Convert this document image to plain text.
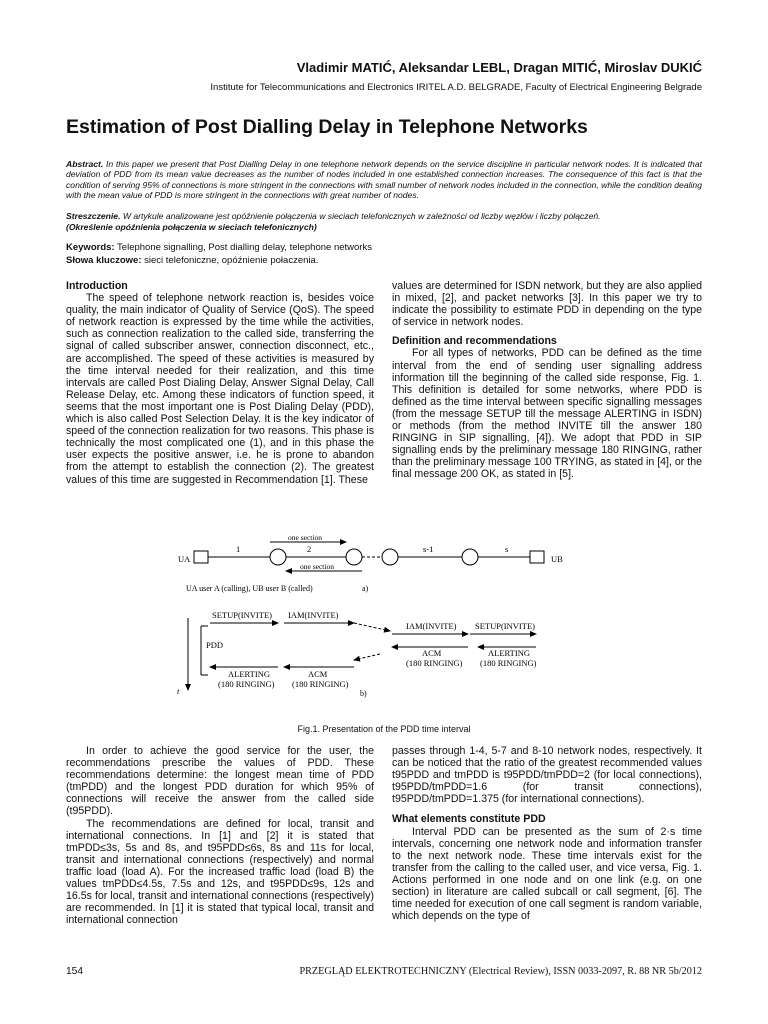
Vladimir MATIĆ, Aleksandar LEBL, Dragan MITIĆ, Miroslav DUKIĆ
Institute for Telecommunications and Electronics IRITEL A.D. BELGRADE, Faculty of Electrical Engineering Belgrade
Estimation of Post Dialling Delay in Telephone Networks
Abstract. In this paper we present that Post Dialling Delay in one telephone network depends on the service discipline in particular network nodes. It is indicated that deviation of PDD from its mean value decreases as the number of nodes included in one established connection increases. The consequence of this fact is that the condition of serving 95% of connections is more stringent in the connections with small number of network nodes included in the connection, while the condition dealing with the mean value of PDD is more stringent in the connections with great number of nodes.
Streszczenie. W artykule analizowane jest opóźnienie połączenia w sieciach telefonicznych w zależności od liczby węzłów i liczby połączeń.
(Określenie opóźnienia połączenia w sieciach telefonicznych)
Keywords: Telephone signalling, Post dialling delay, telephone networks
Słowa kluczowe: sieci telefoniczne, opóźnienie połaczenia.
Introduction

The speed of telephone network reaction is, besides voice quality, the main indicator of Quality of Service (QoS). The speed of network reaction is expressed by the time while the activities, such as connection realization to the called side, transferring the signal of called subscriber answer, connection disconnect, etc., are accomplished. The speed of these activities is measured by the time interval needed for their realization, and this time intervals are called Post Dialing Delay, Answer Signal Delay, Call Release Delay, etc. Among these indicators of function speed, it seems that the most important one is Post Dialing Delay (PDD), which is also called Post Selection Delay. It is the key indicator of speed of the connection realization for two reasons. This phase is technically the most complicated one (1), and in this phase the user expects the positive answer, i.e. he is prone to abandon from the attempt to establish the connection (2). The greatest values of this time are suggested in Recommendation [1]. These

values are determined for ISDN network, but they are also applied in mixed, [2], and packet networks [3]. In this paper we try to indicate the possibility to estimate PDD in depending on the type of service in network nodes.

Definition and recommendations

For all types of networks, PDD can be defined as the time interval from the end of sending user signalling address information till the beginning of the called side response, Fig. 1. This definition is detailed for some networks, where PDD is defined as the time interval between specific signalling messages (from the message SETUP till the message ALERTING in ISDN) or methods (from the method INVITE till the answer 180 RINGING in SIP signalling, [4]). We adopt that PDD in SIP signalling ends by the preliminary message 180 RINGING, rather than the preliminary message 100 TRYING, as stated in [4], or the final message 200 OK, as stated in [5].

UA	UB
1	2	s-1	s
one section
one section
UA user A (calling), UB user B (called)	a)
t
PDD
SETUP(INVITE) IAM(INVITE)
IAM(INVITE) SETUP(INVITE)
ALERTING
(180 RINGING)
ACM
(180 RINGING)
ALERTING
(180 RINGING)
ACM
(180 RINGING)
b)
Fig.1. Presentation of the PDD time interval

In order to achieve the good service for the user, the recommendations prescribe the values of PDD. These recommendations determine: the longest mean time of PDD (tmPDD) and the longest PDD duration for which 95% of connections will receive the answer from the called side (t95PDD).

The recommendations are defined for local, transit and international connections. In [1] and [2] it is stated that tmPDD≤3s, 5s and 8s, and t95PDD≤6s, 8s and 11s for local, transit and international connections (respectively) and normal traffic load (load A). For the increased traffic load (load B) the values tmPDD≤4.5s, 7.5s and 12s, and t95PDD≤9s, 12s and 16.5s for local, transit and international connections (respectively) are recommended. In [1] it is stated that typical local, transit and international connection

passes through 1-4, 5-7 and 8-10 network nodes, respectively. It can be noticed that the ratio of the greatest recommended values t95PDD and tmPDD is t95PDD/tmPDD=2 (for local connections), t95PDD/tmPDD=1.6 (for transit connections), t95PDD/tmPDD=1.375 (for international connections).

What elements constitute PDD

Interval PDD can be presented as the sum of 2·s time intervals, concerning one network node and information transfer to the next network node. These time intervals exist for the transfer from the calling to the called user, and vice versa, Fig. 1. Actions performed in one node and on one link (e.g. on one section) in literature are called subcall or call segment, [6]. The time needed for execution of one call segment is random variable, which depends on the type of

154	PRZEGLĄD ELEKTROTECHNICZNY (Electrical Review), ISSN 0033-2097, R. 88 NR 5b/2012
